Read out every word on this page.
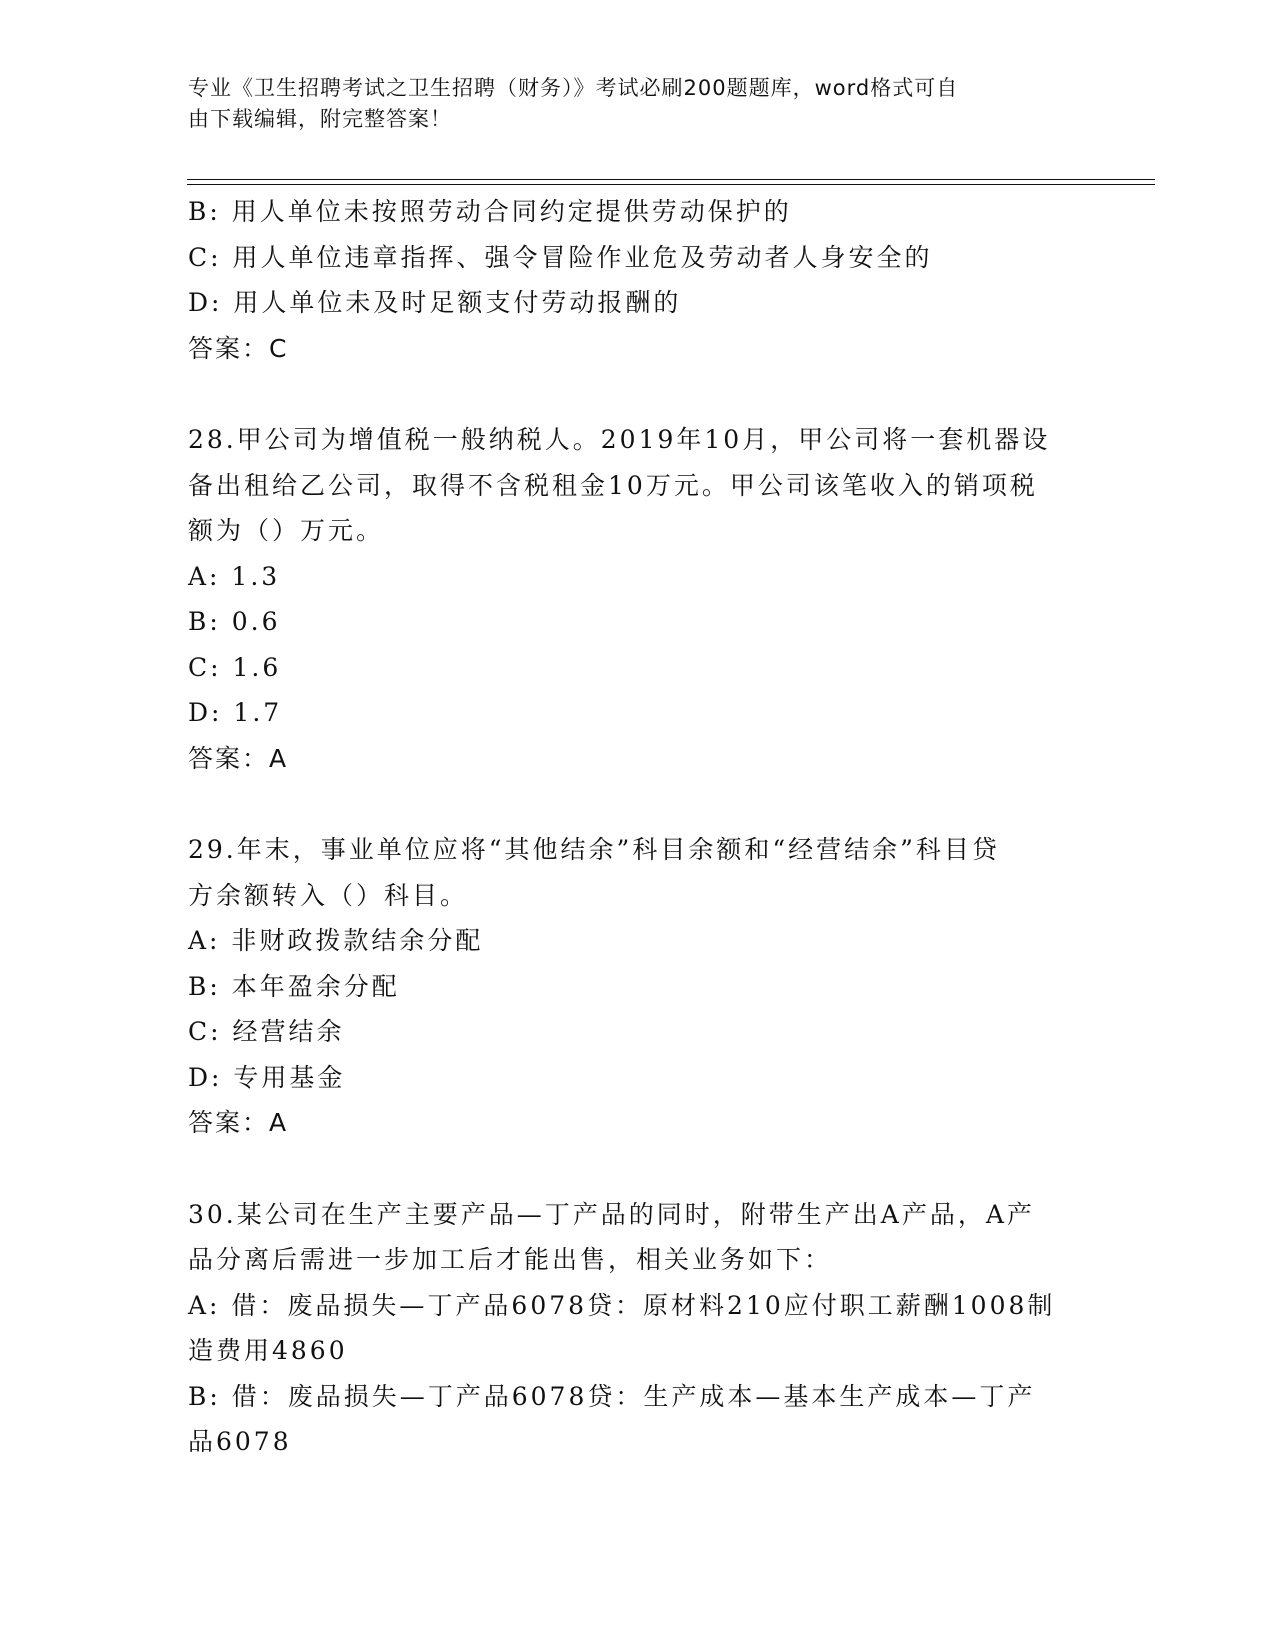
专业《卫生招聘考试之卫生招聘（财务）》考试必刷200题题库，word格式可自
由下载编辑，附完整答案！
B: 用人单位未按照劳动合同约定提供劳动保护的
C: 用人单位违章指挥、强令冒险作业危及劳动者人身安全的
D: 用人单位未及时足额支付劳动报酬的
答案：C
28.甲公司为增值税一般纳税人。2019年10月，甲公司将一套机器设
备出租给乙公司，取得不含税租金10万元。甲公司该笔收入的销项税
额为（）万元。
A: 1.3
B: 0.6
C: 1.6
D: 1.7
答案：A
29.年末，事业单位应将“其他结余”科目余额和“经营结余”科目贷
方余额转入（）科目。
A: 非财政拨款结余分配
B: 本年盈余分配
C: 经营结余
D: 专用基金
答案：A
30.某公司在生产主要产品—丁产品的同时，附带生产出A产品，A产
品分离后需进一步加工后才能出售，相关业务如下：
A: 借：废品损失—丁产品6078贷：原材料210应付职工薪酬1008制
造费用4860
B: 借：废品损失—丁产品6078贷：生产成本—基本生产成本—丁产
品6078
